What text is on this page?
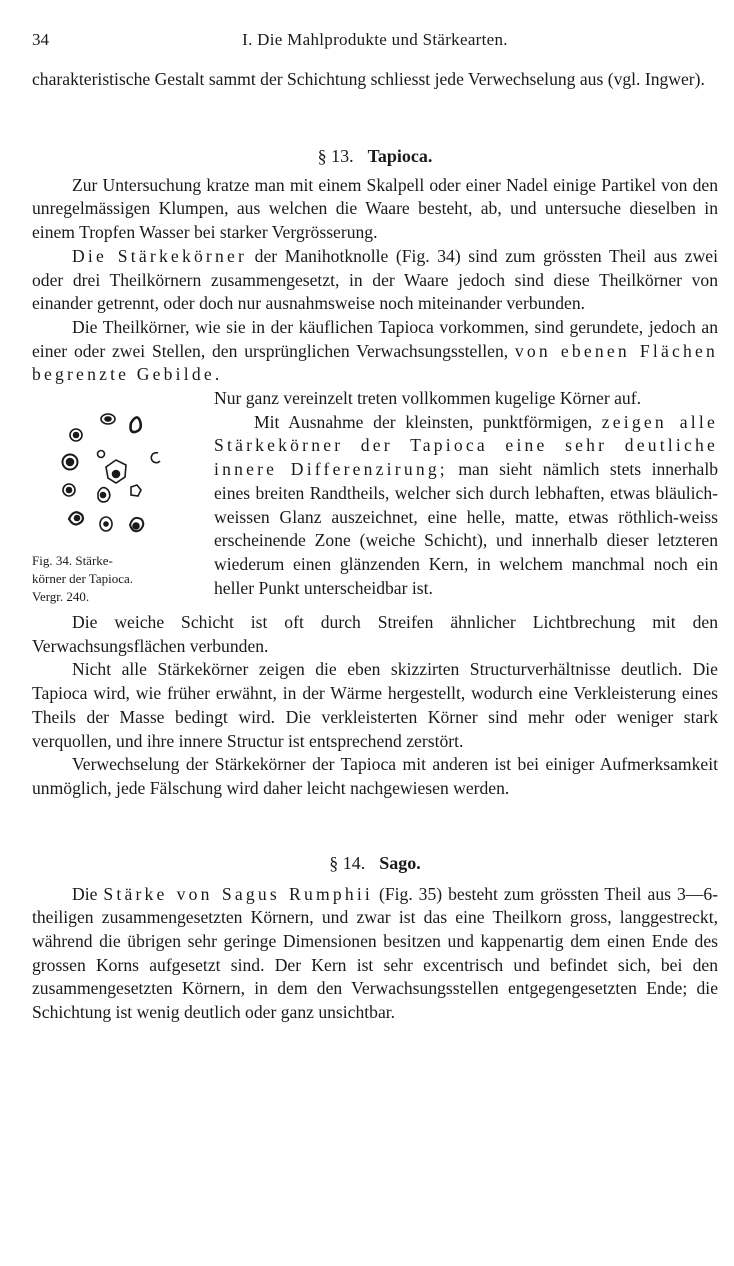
34	I. Die Mahlprodukte und Stärkearten.

charakteristische Gestalt sammt der Schichtung schliesst jede Verwechselung aus (vgl. Ingwer).

§ 13. Tapioca.

Zur Untersuchung kratze man mit einem Skalpell oder einer Nadel einige Partikel von den unregelmässigen Klumpen, aus welchen die Waare besteht, ab, und untersuche dieselben in einem Tropfen Wasser bei starker Vergrösserung.

Die Stärkekörner der Manihotknolle (Fig. 34) sind zum grössten Theil aus zwei oder drei Theilkörnern zusammengesetzt, in der Waare jedoch sind diese Theilkörner von einander getrennt, oder doch nur ausnahmsweise noch miteinander verbunden.

Die Theilkörner, wie sie in der käuflichen Tapioca vorkommen, sind gerundete, jedoch an einer oder zwei Stellen, den ursprünglichen Verwachsungsstellen, von ebenen Flächen begrenzte Gebilde.

Fig. 34. Stärke-
körner der Tapioca.
Vergr. 240.

Nur ganz vereinzelt treten vollkommen kugelige Körner auf.

Mit Ausnahme der kleinsten, punktförmigen, zeigen alle Stärkekörner der Tapioca eine sehr deutliche innere Differenzirung; man sieht nämlich stets innerhalb eines breiten Randtheils, welcher sich durch lebhaften, etwas bläulich-weissen Glanz auszeichnet, eine helle, matte, etwas röthlich-weiss erscheinende Zone (weiche Schicht), und innerhalb dieser letzteren wiederum einen glänzenden Kern, in welchem manchmal noch ein heller Punkt unterscheidbar ist.

Die weiche Schicht ist oft durch Streifen ähnlicher Lichtbrechung mit den Verwachsungsflächen verbunden.

Nicht alle Stärkekörner zeigen die eben skizzirten Structurverhältnisse deutlich. Die Tapioca wird, wie früher erwähnt, in der Wärme hergestellt, wodurch eine Verkleisterung eines Theils der Masse bedingt wird. Die verkleisterten Körner sind mehr oder weniger stark verquollen, und ihre innere Structur ist entsprechend zerstört.

Verwechselung der Stärkekörner der Tapioca mit anderen ist bei einiger Aufmerksamkeit unmöglich, jede Fälschung wird daher leicht nachgewiesen werden.

§ 14. Sago.

Die Stärke von Sagus Rumphii (Fig. 35) besteht zum grössten Theil aus 3—6-theiligen zusammengesetzten Körnern, und zwar ist das eine Theilkorn gross, langgestreckt, während die übrigen sehr geringe Dimensionen besitzen und kappenartig dem einen Ende des grossen Korns aufgesetzt sind. Der Kern ist sehr excentrisch und befindet sich, bei den zusammengesetzten Körnern, in dem den Verwachsungsstellen entgegengesetzten Ende; die Schichtung ist wenig deutlich oder ganz unsichtbar.
